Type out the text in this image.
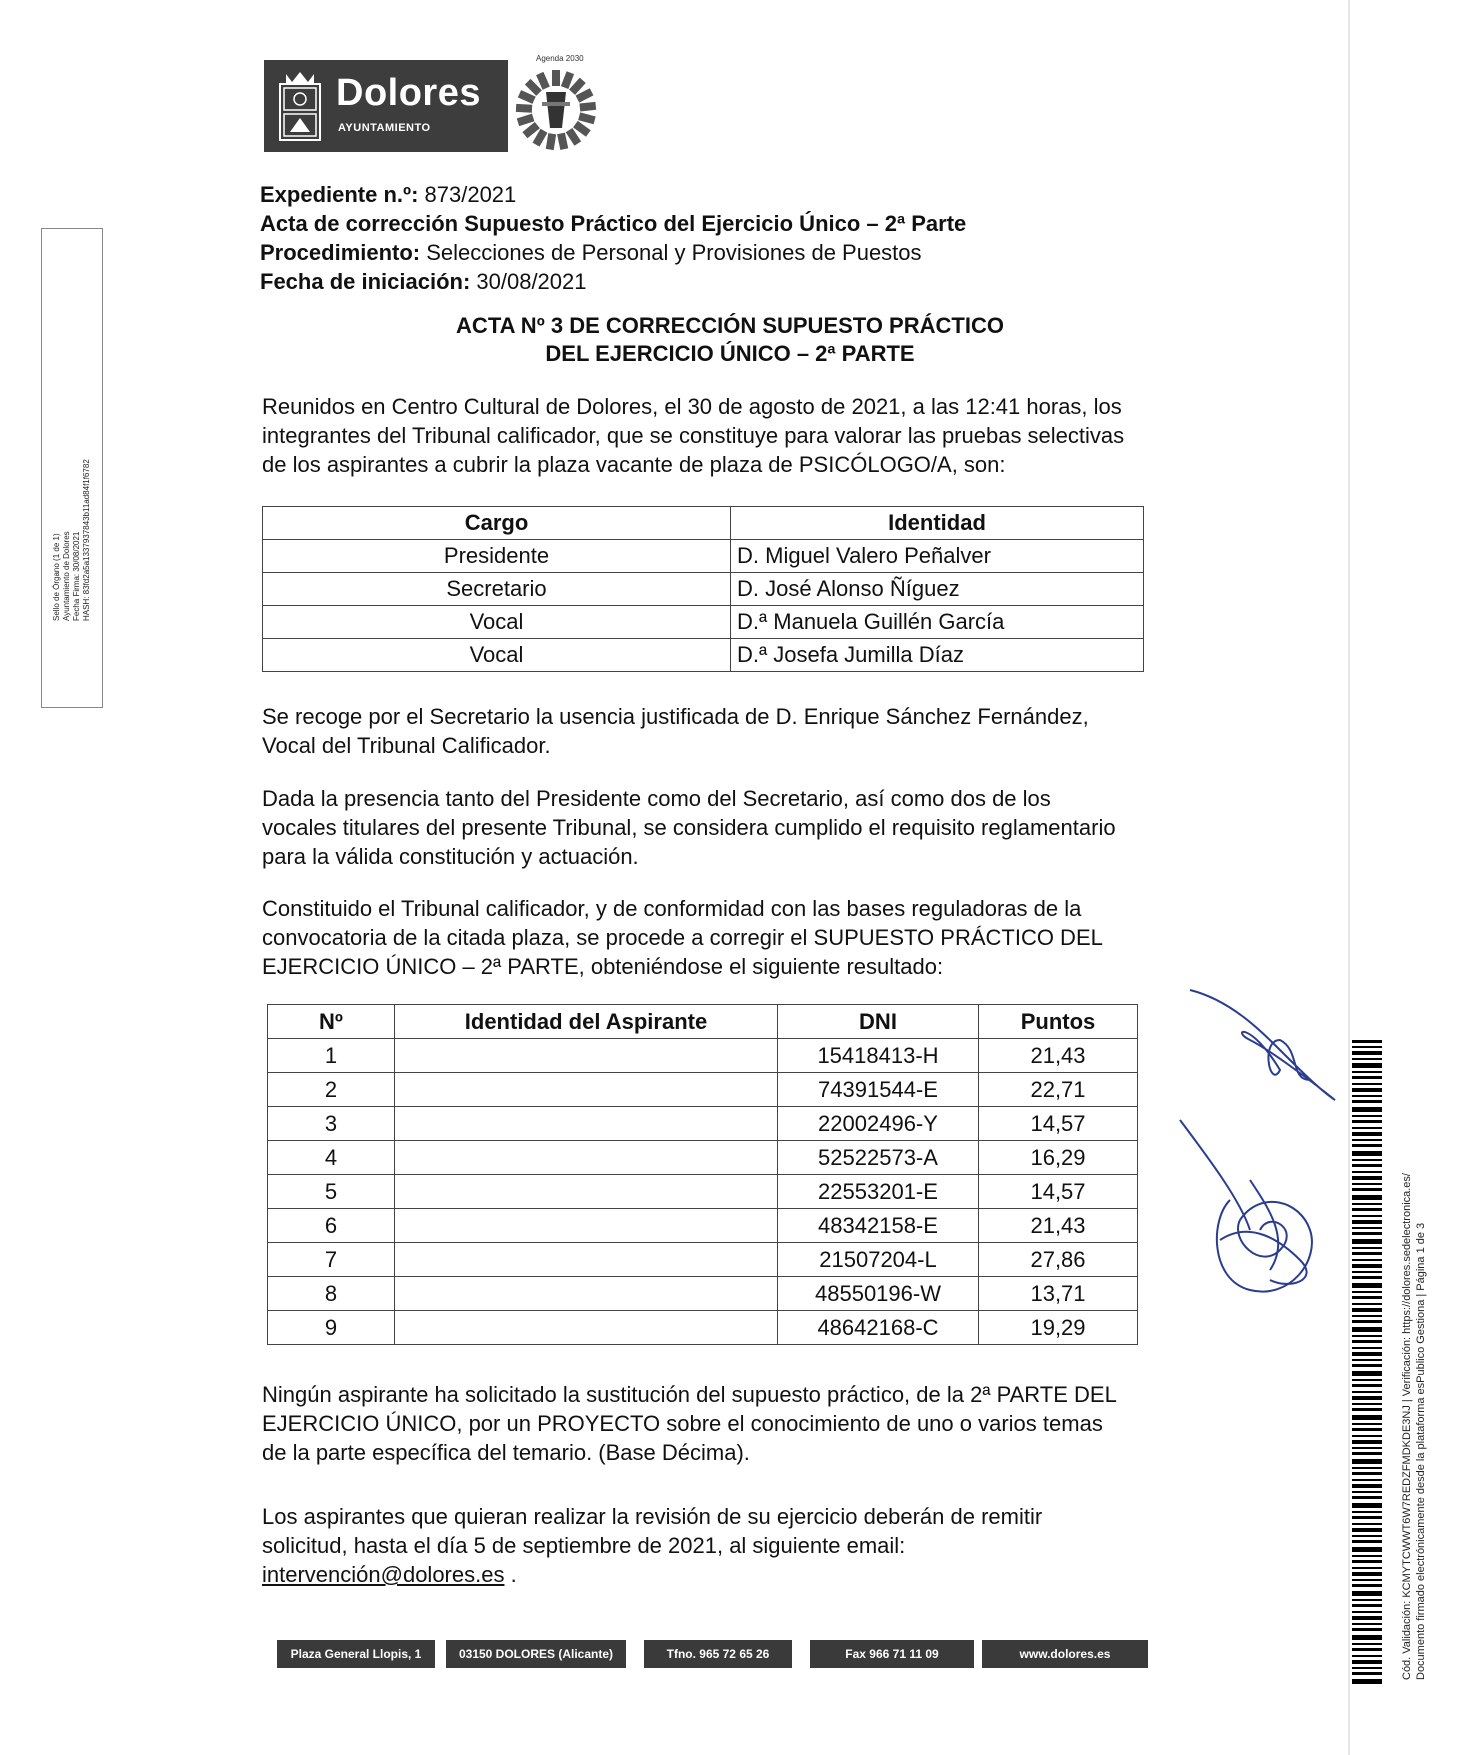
Dolores
AYUNTAMIENTO
Agenda 2030
Sello de Órgano (1 de 1) Ayuntamiento de Dolores Fecha Firma: 30/08/2021 HASH: 83fd2a5a1337937843b11ad84f1f6782
Expediente n.º: 873/2021
Acta de corrección Supuesto Práctico del Ejercicio Único – 2ª Parte
Procedimiento: Selecciones de Personal y Provisiones de Puestos
Fecha de iniciación: 30/08/2021
ACTA Nº 3 DE CORRECCIÓN SUPUESTO PRÁCTICO
DEL EJERCICIO ÚNICO – 2ª PARTE
Reunidos en Centro Cultural de Dolores, el 30 de agosto de 2021, a las 12:41 horas, los
integrantes del Tribunal calificador, que se constituye para valorar las pruebas selectivas
de los aspirantes a cubrir la plaza vacante de plaza de PSICÓLOGO/A, son:
Cargo	Identidad
Presidente	D. Miguel Valero Peñalver
Secretario	D. José Alonso Ñíguez
Vocal	D.ª Manuela Guillén García
Vocal	D.ª Josefa Jumilla Díaz
Se recoge por el Secretario la usencia justificada de D. Enrique Sánchez Fernández,
Vocal del Tribunal Calificador.
Dada la presencia tanto del Presidente como del Secretario, así como dos de los
vocales titulares del presente Tribunal, se considera cumplido el requisito reglamentario
para la válida constitución y actuación.
Constituido el Tribunal calificador, y de conformidad con las bases reguladoras de la
convocatoria de la citada plaza, se procede a corregir el SUPUESTO PRÁCTICO DEL
EJERCICIO ÚNICO – 2ª PARTE, obteniéndose el siguiente resultado:
Nº	Identidad del Aspirante	DNI	Puntos
1		15418413-H	21,43
2		74391544-E	22,71
3		22002496-Y	14,57
4		52522573-A	16,29
5		22553201-E	14,57
6		48342158-E	21,43
7		21507204-L	27,86
8		48550196-W	13,71
9		48642168-C	19,29
Ningún aspirante ha solicitado la sustitución del supuesto práctico, de la 2ª PARTE DEL
EJERCICIO ÚNICO, por un PROYECTO sobre el conocimiento de uno o varios temas
de la parte específica del temario. (Base Décima).
Los aspirantes que quieran realizar la revisión de su ejercicio deberán de remitir
solicitud, hasta el día 5 de septiembre de 2021, al siguiente email:
intervención@dolores.es .
Plaza General Llopis, 1	03150 DOLORES (Alicante)	Tfno. 965 72 65 26	Fax 966 71 11 09	www.dolores.es	Cód. Validación: KCMYTCWWT6W7REDZFMDKDE3NJ | Verificación: https://dolores.sedelectronica.es/ Documento firmado electrónicamente desde la plataforma esPublico Gestiona | Página 1 de 3
